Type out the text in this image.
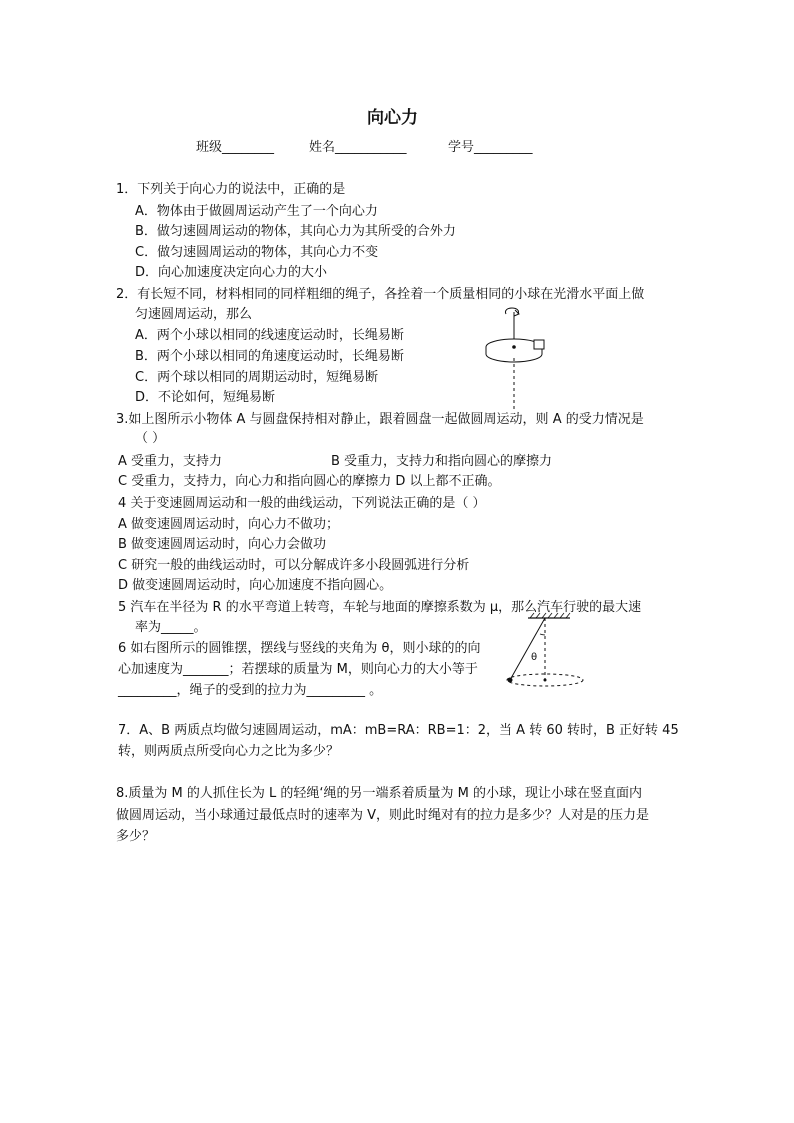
向心力
班级________	姓名___________	学号_________
1．下列关于向心力的说法中，正确的是
A．物体由于做圆周运动产生了一个向心力
B．做匀速圆周运动的物体，其向心力为其所受的合外力
C．做匀速圆周运动的物体，其向心力不变
D．向心加速度决定向心力的大小
2．有长短不同，材料相同的同样粗细的绳子，各拴着一个质量相同的小球在光滑水平面上做
匀速圆周运动，那么
A．两个小球以相同的线速度运动时，长绳易断
B．两个小球以相同的角速度运动时，长绳易断
C．两个球以相同的周期运动时，短绳易断
D．不论如何，短绳易断
3.如上图所示小物体 A 与圆盘保持相对静止，跟着圆盘一起做圆周运动，则 A 的受力情况是
（ ）
A 受重力，支持力	B 受重力，支持力和指向圆心的摩擦力
C 受重力，支持力，向心力和指向圆心的摩擦力 D 以上都不正确。
4 关于变速圆周运动和一般的曲线运动，下列说法正确的是（ ）
A 做变速圆周运动时，向心力不做功；
B 做变速圆周运动时，向心力会做功
C 研究一般的曲线运动时，可以分解成许多小段圆弧进行分析
D 做变速圆周运动时，向心加速度不指向圆心。
5 汽车在半径为 R 的水平弯道上转弯，车轮与地面的摩擦系数为 μ，那么汽车行驶的最大速
率为_____。
6 如右图所示的圆锥摆，摆线与竖线的夹角为 θ，则小球的的向
心加速度为_______；若摆球的质量为 M，则向心力的大小等于
_________，绳子的受到的拉力为_________ 。
θ
7．A、B 两质点均做匀速圆周运动，mA：mB=RA：RB=1：2，当 A 转 60 转时，B 正好转 45
转，则两质点所受向心力之比为多少？
8.质量为 M 的人抓住长为 L 的轻绳‘绳的另一端系着质量为 M 的小球，现让小球在竖直面内
做圆周运动，当小球通过最低点时的速率为 V，则此时绳对有的拉力是多少？人对是的压力是
多少？
